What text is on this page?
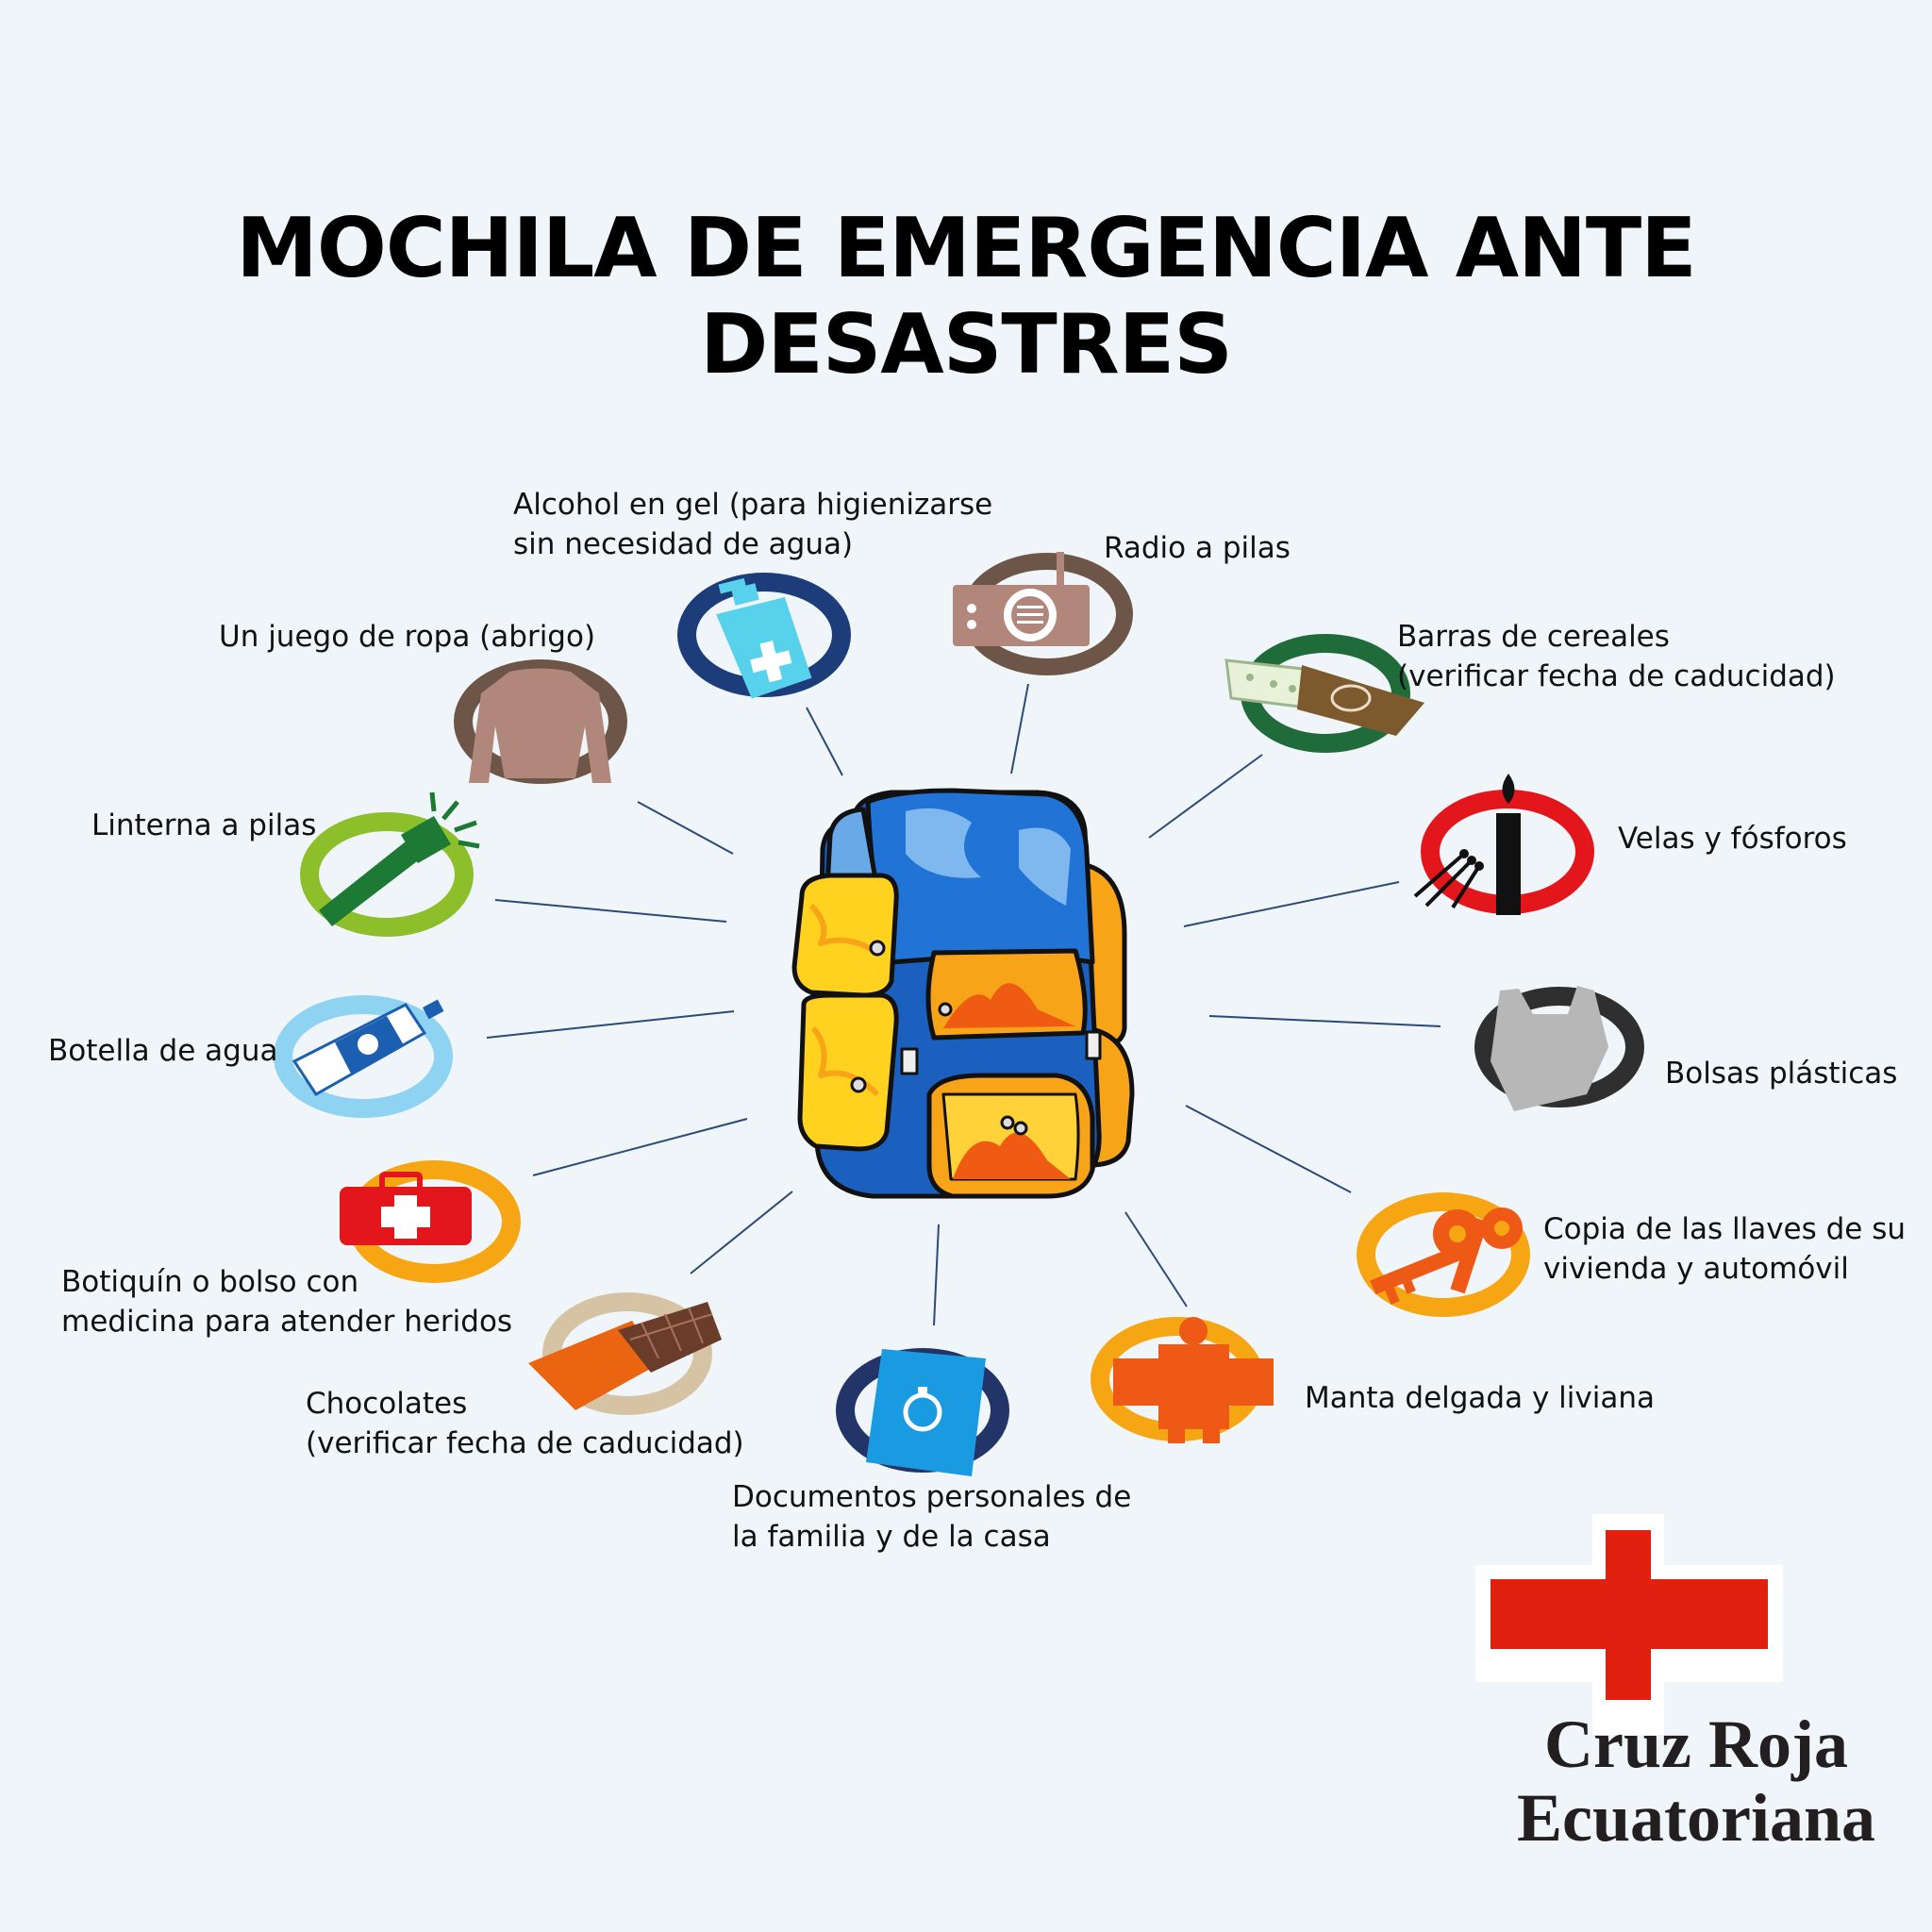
MOCHILA DE EMERGENCIA ANTE DESASTRES
Alcohol en gel (para higienizarse
sin necesidad de agua)	Radio a pilas
Barras de cereales
(verificar fecha de caducidad)
Velas y fósforos
Bolsas plásticas
Copia de las llaves de su
vivienda y automóvil
Manta delgada y liviana
Documentos personales de
la familia y de la casa
Chocolates
(verificar fecha de caducidad)
Botiquín o bolso con
medicina para atender heridos
Botella de agua
Linterna a pilas
Un juego de ropa (abrigo)
Cruz Roja
Ecuatoriana
